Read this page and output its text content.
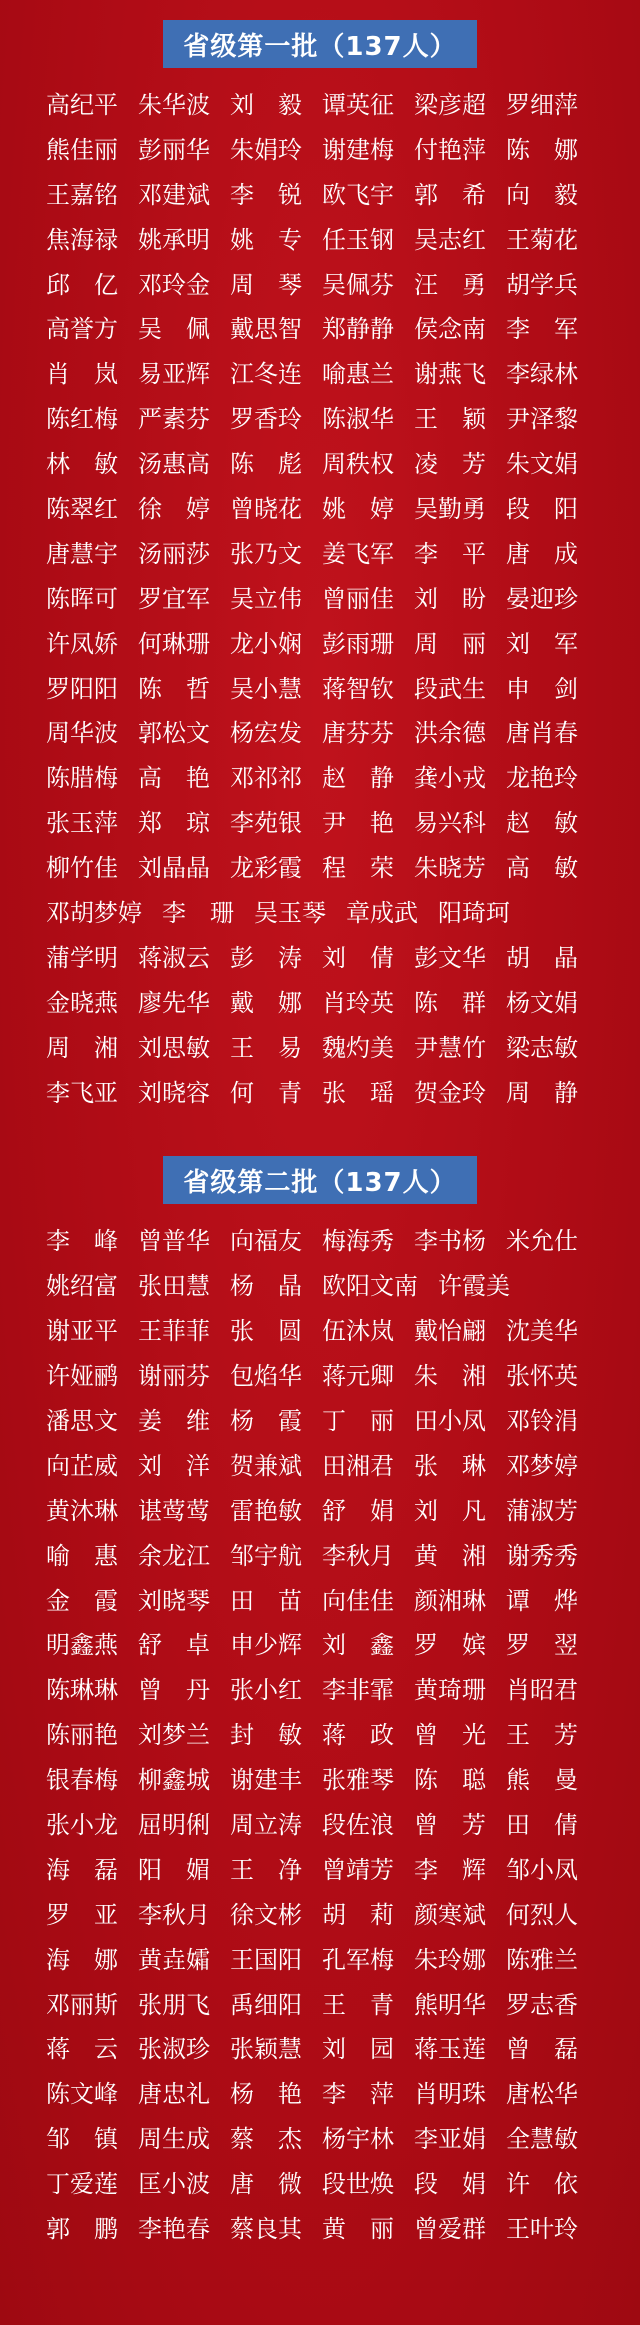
省级第一批（137人）
高纪平 朱华波 刘 毅 谭英征 梁彦超 罗细萍
熊佳丽 彭丽华 朱娟玲 谢建梅 付艳萍 陈 娜
王嘉铭 邓建斌 李 锐 欧飞宇 郭 希 向 毅
焦海禄 姚承明 姚 专 任玉钢 吴志红 王菊花
邱 亿 邓玲金 周 琴 吴佩芬 汪 勇 胡学兵
高誉方 吴 佩 戴思智 郑静静 侯念南 李 军
肖 岚 易亚辉 江冬连 喻惠兰 谢燕飞 李绿林
陈红梅 严素芬 罗香玲 陈淑华 王 颖 尹泽黎
林 敏 汤惠高 陈 彪 周秩权 凌 芳 朱文娟
陈翠红 徐 婷 曾晓花 姚 婷 吴勤勇 段 阳
唐慧宇 汤丽莎 张乃文 姜飞军 李 平 唐 成
陈晖可 罗宜军 吴立伟 曾丽佳 刘 盼 晏迎珍
许凤娇 何琳珊 龙小娴 彭雨珊 周 丽 刘 军
罗阳阳 陈 哲 吴小慧 蒋智钦 段武生 申 剑
周华波 郭松文 杨宏发 唐芬芬 洪余德 唐肖春
陈腊梅 高 艳 邓祁祁 赵 静 龚小戎 龙艳玲
张玉萍 郑 琼 李苑银 尹 艳 易兴科 赵 敏
柳竹佳 刘晶晶 龙彩霞 程 荣 朱晓芳 高 敏
邓胡梦婷 李 珊 吴玉琴 章成武 阳琦珂
蒲学明 蒋淑云 彭 涛 刘 倩 彭文华 胡 晶
金晓燕 廖先华 戴 娜 肖玲英 陈 群 杨文娟
周 湘 刘思敏 王 易 魏灼美 尹慧竹 梁志敏
李飞亚 刘晓容 何 青 张 瑶 贺金玲 周 静
省级第二批（137人）
李 峰 曾普华 向福友 梅海秀 李书杨 米允仕
姚绍富 张田慧 杨 晶 欧阳文南 许霞美
谢亚平 王菲菲 张 圆 伍沐岚 戴怡翩 沈美华
许娅鹂 谢丽芬 包焰华 蒋元卿 朱 湘 张怀英
潘思文 姜 维 杨 霞 丁 丽 田小凤 邓铃涓
向芷威 刘 洋 贺兼斌 田湘君 张 琳 邓梦婷
黄沐琳 谌莺莺 雷艳敏 舒 娟 刘 凡 蒲淑芳
喻 惠 余龙江 邹宇航 李秋月 黄 湘 谢秀秀
金 霞 刘晓琴 田 苗 向佳佳 颜湘琳 谭 烨
明鑫燕 舒 卓 申少辉 刘 鑫 罗 嫔 罗 翌
陈琳琳 曾 丹 张小红 李非霏 黄琦珊 肖昭君
陈丽艳 刘梦兰 封 敏 蒋 政 曾 光 王 芳
银春梅 柳鑫城 谢建丰 张雅琴 陈 聪 熊 曼
张小龙 屈明俐 周立涛 段佐浪 曾 芳 田 倩
海 磊 阳 媚 王 净 曾靖芳 李 辉 邹小凤
罗 亚 李秋月 徐文彬 胡 莉 颜寒斌 何烈人
海 娜 黄垚孀 王国阳 孔军梅 朱玲娜 陈雅兰
邓丽斯 张朋飞 禹细阳 王 青 熊明华 罗志香
蒋 云 张淑珍 张颖慧 刘 园 蒋玉莲 曾 磊
陈文峰 唐忠礼 杨 艳 李 萍 肖明珠 唐松华
邹 镇 周生成 蔡 杰 杨宇林 李亚娟 全慧敏
丁爱莲 匡小波 唐 微 段世焕 段 娟 许 依
郭 鹏 李艳春 蔡良其 黄 丽 曾爱群 王叶玲
